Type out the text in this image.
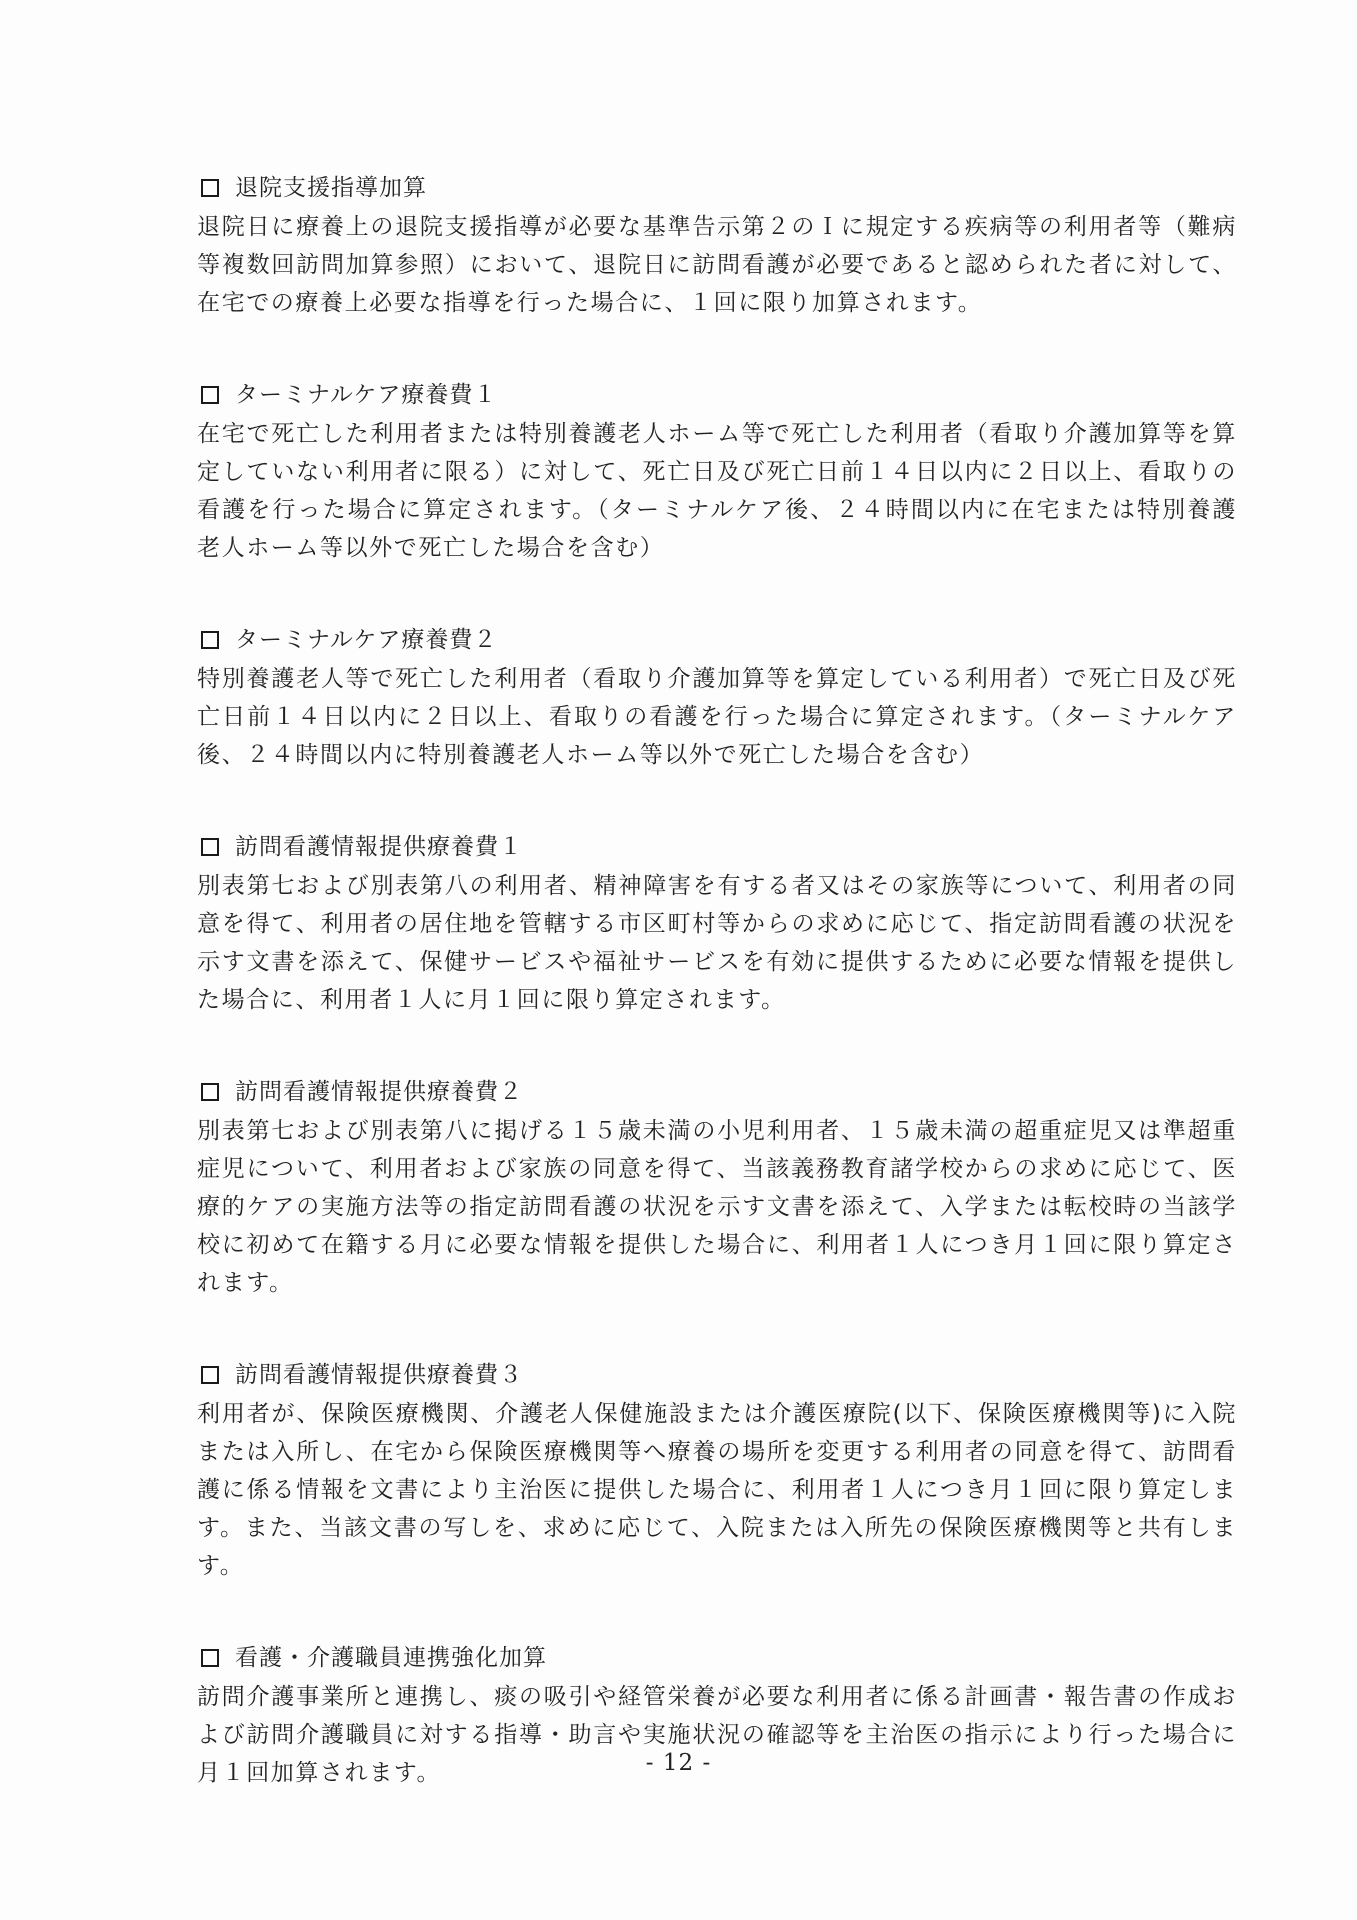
退院支援指導加算

退院日に療養上の退院支援指導が必要な基準告示第２のＩに規定する疾病等の利用者等（難病等複数回訪問加算参照）において、退院日に訪問看護が必要であると認められた者に対して、在宅での療養上必要な指導を行った場合に、１回に限り加算されます。

ターミナルケア療養費１

在宅で死亡した利用者または特別養護老人ホーム等で死亡した利用者（看取り介護加算等を算定していない利用者に限る）に対して、死亡日及び死亡日前１４日以内に２日以上、看取りの看護を行った場合に算定されます。（ターミナルケア後、２４時間以内に在宅または特別養護老人ホーム等以外で死亡した場合を含む）

ターミナルケア療養費２

特別養護老人等で死亡した利用者（看取り介護加算等を算定している利用者）で死亡日及び死亡日前１４日以内に２日以上、看取りの看護を行った場合に算定されます。（ターミナルケア後、２４時間以内に特別養護老人ホーム等以外で死亡した場合を含む）

訪問看護情報提供療養費１

別表第七および別表第八の利用者、精神障害を有する者又はその家族等について、利用者の同意を得て、利用者の居住地を管轄する市区町村等からの求めに応じて、指定訪問看護の状況を示す文書を添えて、保健サービスや福祉サービスを有効に提供するために必要な情報を提供した場合に、利用者１人に月１回に限り算定されます。

訪問看護情報提供療養費２

別表第七および別表第八に掲げる１５歳未満の小児利用者、１５歳未満の超重症児又は準超重症児について、利用者および家族の同意を得て、当該義務教育諸学校からの求めに応じて、医療的ケアの実施方法等の指定訪問看護の状況を示す文書を添えて、入学または転校時の当該学校に初めて在籍する月に必要な情報を提供した場合に、利用者１人につき月１回に限り算定されます。

訪問看護情報提供療養費３

利用者が、保険医療機関、介護老人保健施設または介護医療院(以下、保険医療機関等)に入院または入所し、在宅から保険医療機関等へ療養の場所を変更する利用者の同意を得て、訪問看護に係る情報を文書により主治医に提供した場合に、利用者１人につき月１回に限り算定します。また、当該文書の写しを、求めに応じて、入院または入所先の保険医療機関等と共有します。

看護・介護職員連携強化加算

訪問介護事業所と連携し、痰の吸引や経管栄養が必要な利用者に係る計画書・報告書の作成および訪問介護職員に対する指導・助言や実施状況の確認等を主治医の指示により行った場合に月１回加算されます。	- 12 -
